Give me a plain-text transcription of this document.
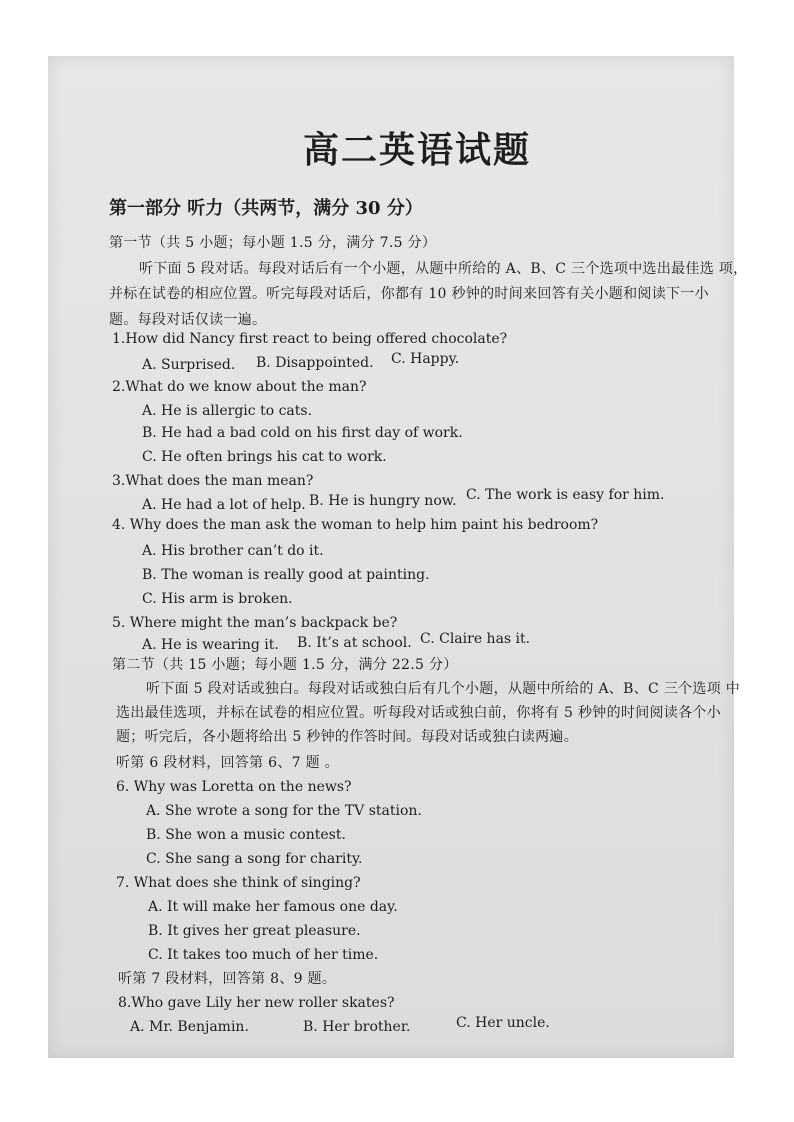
高二英语试题
第一部分 听力（共两节，满分 30 分）
第一节（共 5 小题；每小题 1.5 分，满分 7.5 分）
听下面 5 段对话。每段对话后有一个小题，从题中所给的 A、B、C 三个选项中选出最佳选 项，
并标在试卷的相应位置。听完每段对话后，你都有 10 秒钟的时间来回答有关小题和阅读下一小
题。每段对话仅读一遍。
1.How did Nancy first react to being offered chocolate?
A. Surprised. B. Disappointed. C. Happy.
2.What do we know about the man?
A. He is allergic to cats.
B. He had a bad cold on his first day of work.
C. He often brings his cat to work.
3.What does the man mean?
A. He had a lot of help. B. He is hungry now. C. The work is easy for him.
4. Why does the man ask the woman to help him paint his bedroom?
A. His brother can’t do it.
B. The woman is really good at painting.
C. His arm is broken.
5. Where might the man’s backpack be?
A. He is wearing it. B. It’s at school. C. Claire has it.
第二节（共 15 小题；每小题 1.5 分，满分 22.5 分）
听下面 5 段对话或独白。每段对话或独白后有几个小题，从题中所给的 A、B、C 三个选项 中
选出最佳选项，并标在试卷的相应位置。听每段对话或独白前，你将有 5 秒钟的时间阅读各个小
题；听完后，各小题将给出 5 秒钟的作答时间。每段对话或独白读两遍。
听第 6 段材料，回答第 6、7 题 。
6. Why was Loretta on the news?
A. She wrote a song for the TV station.
B. She won a music contest.
C. She sang a song for charity.
7. What does she think of singing?
A. It will make her famous one day.
B. It gives her great pleasure.
C. It takes too much of her time.
听第 7 段材料，回答第 8、9 题。
8.Who gave Lily her new roller skates?
A. Mr. Benjamin.	B. Her brother.	C. Her uncle.
